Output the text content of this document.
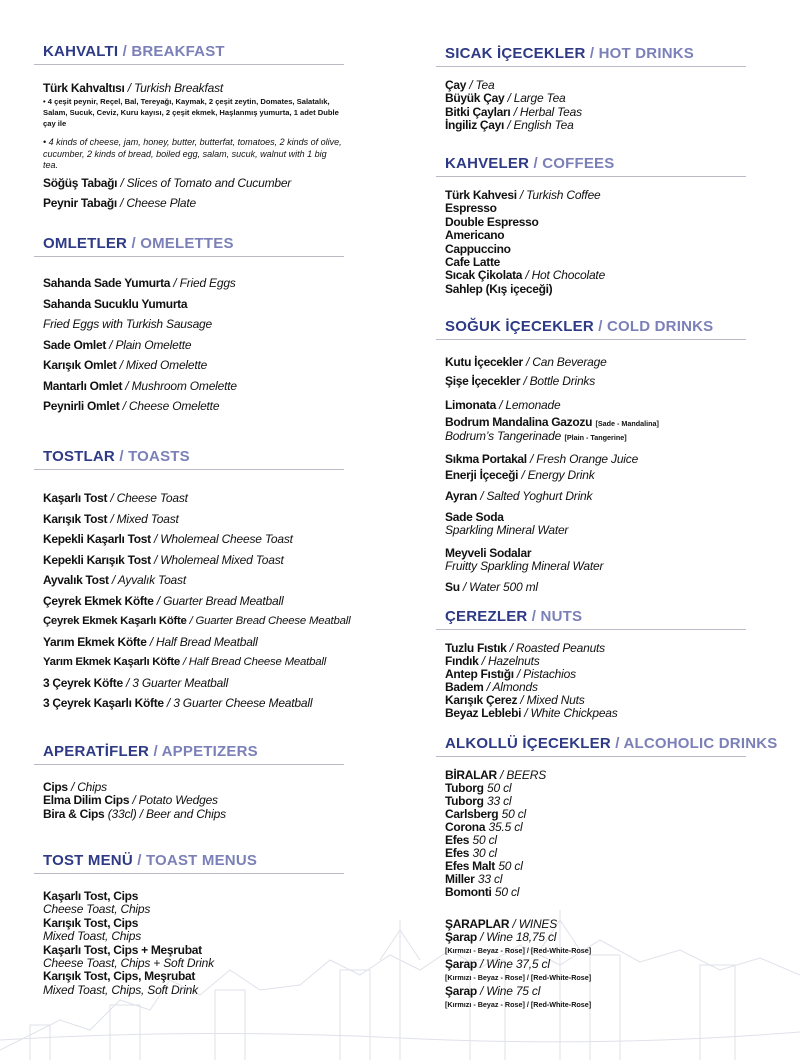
KAHVALTI / BREAKFAST
Türk Kahvaltısı / Turkish Breakfast
• 4 çeşit peynir, Reçel, Bal, Tereyağı, Kaymak, 2 çeşit zeytin, Domates, Salatalık, Salam, Sucuk, Ceviz, Kuru kayısı, 2 çeşit ekmek, Haşlanmış yumurta, 1 adet Duble çay ile
• 4 kinds of cheese, jam, honey, butter, butterfat, tomatoes, 2 kinds of olive, cucumber, 2 kinds of bread, boiled egg, salam, sucuk, walnut with 1 big tea.
Söğüş Tabağı / Slices of Tomato and Cucumber
Peynir Tabağı / Cheese Plate
OMLETLER / OMELETTES
Sahanda Sade Yumurta / Fried Eggs
Sahanda Sucuklu Yumurta
Fried Eggs with Turkish Sausage
Sade Omlet / Plain Omelette
Karışık Omlet / Mixed Omelette
Mantarlı Omlet / Mushroom Omelette
Peynirli Omlet / Cheese Omelette
TOSTLAR / TOASTS
Kaşarlı Tost / Cheese Toast
Karışık Tost / Mixed Toast
Kepekli Kaşarlı Tost / Wholemeal Cheese Toast
Kepekli Karışık Tost / Wholemeal Mixed Toast
Ayvalık Tost / Ayvalık Toast
Çeyrek Ekmek Köfte / Guarter Bread Meatball
Çeyrek Ekmek Kaşarlı Köfte / Guarter Bread Cheese Meatball
Yarım Ekmek Köfte / Half Bread Meatball
Yarım Ekmek Kaşarlı Köfte / Half Bread Cheese Meatball
3 Çeyrek Köfte / 3 Guarter Meatball
3 Çeyrek Kaşarlı Köfte / 3 Guarter Cheese Meatball
APERATİFLER / APPETIZERS
Cips / Chips
Elma Dilim Cips / Potato Wedges
Bira & Cips (33cl) / Beer and Chips
TOST MENÜ / TOAST MENUS
Kaşarlı Tost, Cips
Cheese Toast, Chips
Karışık Tost, Cips
Mixed Toast, Chips
Kaşarlı Tost, Cips + Meşrubat
Cheese Toast, Chips + Soft Drink
Karışık Tost, Cips, Meşrubat
Mixed Toast, Chips, Soft Drink
SICAK İÇECEKLER / HOT DRINKS
Çay / Tea
Büyük Çay / Large Tea
Bitki Çayları / Herbal Teas
İngiliz Çayı / English Tea
KAHVELER / COFFEES
Türk Kahvesi / Turkish Coffee
Espresso
Double Espresso
Americano
Cappuccino
Cafe Latte
Sıcak Çikolata / Hot Chocolate
Sahlep (Kış içeceği)
SOĞUK İÇECEKLER / COLD DRINKS
Kutu İçecekler / Can Beverage
Şişe İçecekler / Bottle Drinks
Limonata / Lemonade
Bodrum Mandalina Gazozu [Sade - Mandalina]
Bodrum’s Tangerinade [Plain - Tangerine]
Sıkma Portakal / Fresh Orange Juice
Enerji İçeceği / Energy Drink
Ayran / Salted Yoghurt Drink
Sade Soda
Sparkling Mineral Water
Meyveli Sodalar
Fruitty Sparkling Mineral Water
Su / Water 500 ml
ÇEREZLER / NUTS
Tuzlu Fıstık / Roasted Peanuts
Fındık / Hazelnuts
Antep Fıstığı / Pistachios
Badem / Almonds
Karışık Çerez / Mixed Nuts
Beyaz Leblebi / White Chickpeas
ALKOLLÜ İÇECEKLER / ALCOHOLIC DRINKS
BİRALAR / BEERS
Tuborg 50 cl
Tuborg 33 cl
Carlsberg 50 cl
Corona 35.5 cl
Efes 50 cl
Efes 30 cl
Efes Malt 50 cl
Miller 33 cl
Bomonti 50 cl
ŞARAPLAR / WINES
Şarap / Wine 18,75 cl
[Kırmızı - Beyaz - Rose] / [Red-White-Rose]
Şarap / Wine 37,5 cl
[Kırmızı - Beyaz - Rose] / [Red-White-Rose]
Şarap / Wine 75 cl
[Kırmızı - Beyaz - Rose] / [Red-White-Rose]
